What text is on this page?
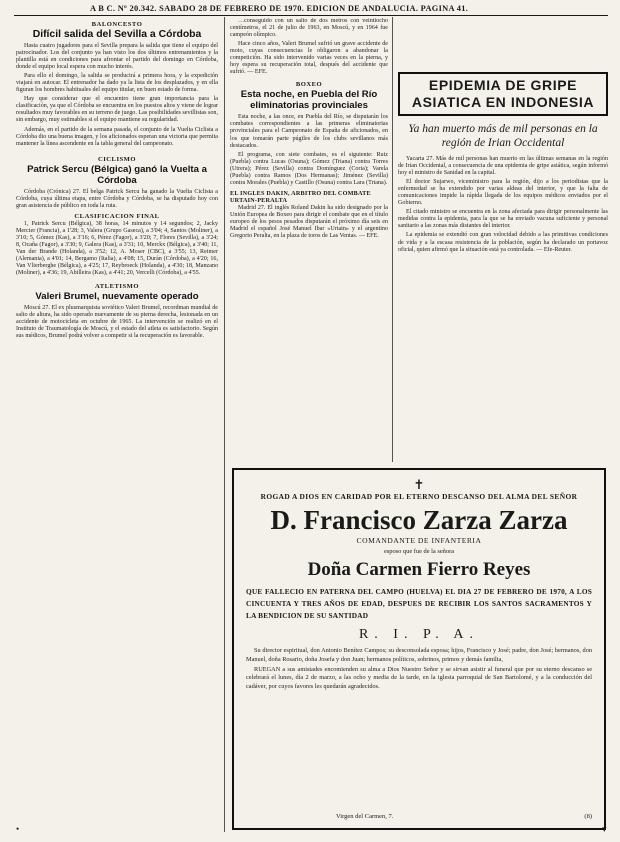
A B C. Nº 20.342. SABADO 28 DE FEBRERO DE 1970. EDICION DE ANDALUCIA. PAGINA 41.
BALONCESTO
Difícil salida del Sevilla a Córdoba

Hasta cuatro jugadores para el Sevilla prepara la salida que tiene el equipo del patrocinador. Los del conjunto ya han visto los dos últimos entrenamientos y la plantilla está en condiciones para afrontar el partido del domingo en Córdoba, donde el equipo local espera con mucho interés.

Para ello el domingo, la salida se producirá a primera hora, y la expedición viajará en autocar. El entrenador ha dado ya la lista de los desplazados, y en ella figuran los hombres habituales del equipo titular, en buen estado de forma.

Hay que considerar que el encuentro tiene gran importancia para la clasificación, ya que el Córdoba se encuentra en los puestos altos y viene de lograr resultados muy favorables en su terreno de juego. Las posibilidades sevillistas son, sin embargo, muy estimables si el equipo mantiene su regularidad.

Además, en el partido de la semana pasada, el conjunto de la Vuelta Ciclista a Córdoba dio una buena imagen, y los aficionados esperan una victoria que permita mantener la línea ascendente en la tabla general del campeonato.

CICLISMO
Patrick Sercu (Bélgica) ganó la Vuelta a Córdoba

Córdoba (Crónica) 27. El belga Patrick Sercu ha ganado la Vuelta Ciclista a Córdoba, cuya última etapa, entre Córdoba y Córdoba, se ha disputado hoy con gran asistencia de público en toda la ruta.

CLASIFICACION FINAL

1, Patrick Sercu (Bélgica), 38 horas, 14 minutos y 14 segundos; 2, Jacky Mercier (Francia), a 1'28; 3, Valera (Grupo Gaseca), a 3'04; 4, Santos (Moliner), a 3'10; 5, Gómez (Kas), a 3'16; 6, Pérez (Fagor), a 3'20; 7, Flores (Sevilla), a 3'24; 8, Ocaña (Fagor), a 3'30; 9, Galera (Kas), a 3'31; 10, Merckx (Bélgica), a 3'40; 11, Van der Brande (Holanda), a 3'52; 12, A. Moser (CBC), a 3'55; 13, Reimer (Alemania), a 4'01; 14, Bergamo (Italia), a 4'08; 15, Durán (Córdoba), a 4'20; 16, Van Vlierberghe (Bélgica), a 4'25; 17, Reybroeck (Holanda), a 4'30; 18, Manzano (Moliner), a 4'36; 19, Abilleira (Kas), a 4'41; 20, Vercelli (Córdoba), a 4'55.

ATLETISMO
Valeri Brumel, nuevamente operado

Moscú 27. El ex plusmarquista soviético Valeri Brumel, recordman mundial de salto de altura, ha sido operado nuevamente de su pierna derecha, lesionada en un accidente de motocicleta en octubre de 1965. La intervención se realizó en el Instituto de Traumatología de Moscú, y el estado del atleta es satisfactorio. Según sus médicos, Brumel podrá volver a competir si la recuperación es favorable.

…conseguido con un salto de dos metros con veintiocho centímetros, el 21 de julio de 1963, en Moscú, y en 1964 fue campeón olímpico.

Hace cinco años, Valeri Brumel sufrió un grave accidente de moto, cuyas consecuencias le obligaron a abandonar la competición. Ha sido intervenido varias veces en la pierna, y hoy espera su recuperación total, después del accidente que sufrió. — EFE.

BOXEO
Esta noche, en Puebla del Río eliminatorias provinciales

Esta noche, a las once, en Puebla del Río, se disputarán los combates correspondientes a las primeras eliminatorias provinciales para el Campeonato de España de aficionados, en los que tomarán parte púgiles de los clubs sevillanos más destacados.

El programa, con siete combates, es el siguiente: Ruiz (Puebla) contra Lucas (Osuna); Gómez (Triana) contra Torres (Utrera); Pérez (Sevilla) contra Domínguez (Coria); Varela (Puebla) contra Ramos (Dos Hermanas); Jiménez (Sevilla) contra Morales (Puebla) y Castillo (Osuna) contra Lara (Triana).

EL INGLES DAKIN, ARBITRO DEL COMBATE URTAIN-PERALTA

Madrid 27. El inglés Roland Dakin ha sido designado por la Unión Europea de Boxeo para dirigir el combate que en el título europeo de los pesos pesados disputarán el próximo día seis en Madrid el español José Manuel Ibar «Urtain» y el argentino Gregorio Peralta, en la plaza de toros de Las Ventas. — EFE.

EPIDEMIA DE GRIPE ASIATICA EN INDONESIA
Ya han muerto más de mil personas en la región de Irian Occidental

Yacarta 27. Más de mil personas han muerto en las últimas semanas en la región de Irian Occidental, a consecuencia de una epidemia de gripe asiática, según informó hoy el ministro de Sanidad en la capital.

El doctor Sujarwo, viceministro para la región, dijo a los periodistas que la enfermedad se ha extendido por varias aldeas del interior, y que la falta de comunicaciones impide la rápida llegada de los equipos médicos enviados por el Gobierno.

El citado ministro se encuentra en la zona afectada para dirigir personalmente las medidas contra la epidemia, para la que se ha enviado vacuna suficiente y personal sanitario a las zonas más distantes del interior.

La epidemia se extendió con gran velocidad debido a las primitivas condiciones de vida y a la escasa resistencia de la población, según ha declarado un portavoz oficial, quien afirmó que la situación está ya controlada. — Efe-Reuter.

✝
ROGAD A DIOS EN CARIDAD POR EL ETERNO DESCANSO DEL ALMA DEL SEÑOR
D. Francisco Zarza Zarza
COMANDANTE DE INFANTERIA
esposo que fue de la señora
Doña Carmen Fierro Reyes
QUE FALLECIO EN PATERNA DEL CAMPO (HUELVA) EL DIA 27 DE FEBRERO DE 1970, A LOS CINCUENTA Y TRES AÑOS DE EDAD, DESPUES DE RECIBIR LOS SANTOS SACRAMENTOS Y LA BENDICION DE SU SANTIDAD
R. I. P. A.

Su director espiritual, don Antonio Benítez Campos; su desconsolada esposa; hijos, Francisco y José; padre, don José; hermanos, don Manuel, doña Rosario, doña Josefa y don Juan; hermanos políticos, sobrinos, primos y demás familia,

RUEGAN a sus amistades encomienden su alma a Dios Nuestro Señor y se sirvan asistir al funeral que por su eterno descanso se celebrará el lunes, día 2 de marzo, a las ocho y media de la tarde, en la iglesia parroquial de San Bartolomé, y a la conducción del cadáver, por cuyos favores les quedarán agradecidos.

Virgen del Carmen, 7.	(8)
•	▾
